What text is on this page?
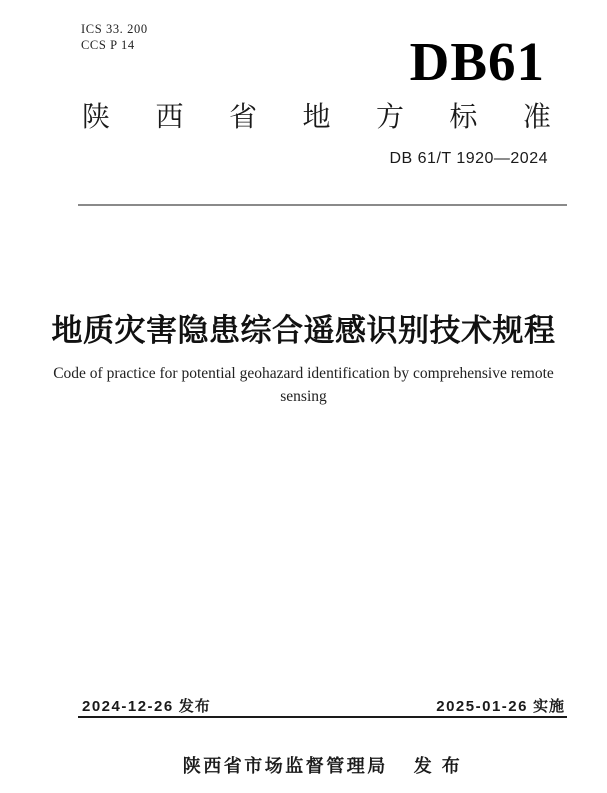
ICS 33. 200
CCS P 14	DB61
陕 西 省 地 方 标 准
DB 61/T 1920—2024
地质灾害隐患综合遥感识别技术规程
Code of practice for potential geohazard identification by comprehensive remote
sensing
2024-12-26 发布	2025-01-26 实施
陕西省市场监督管理局 发 布
